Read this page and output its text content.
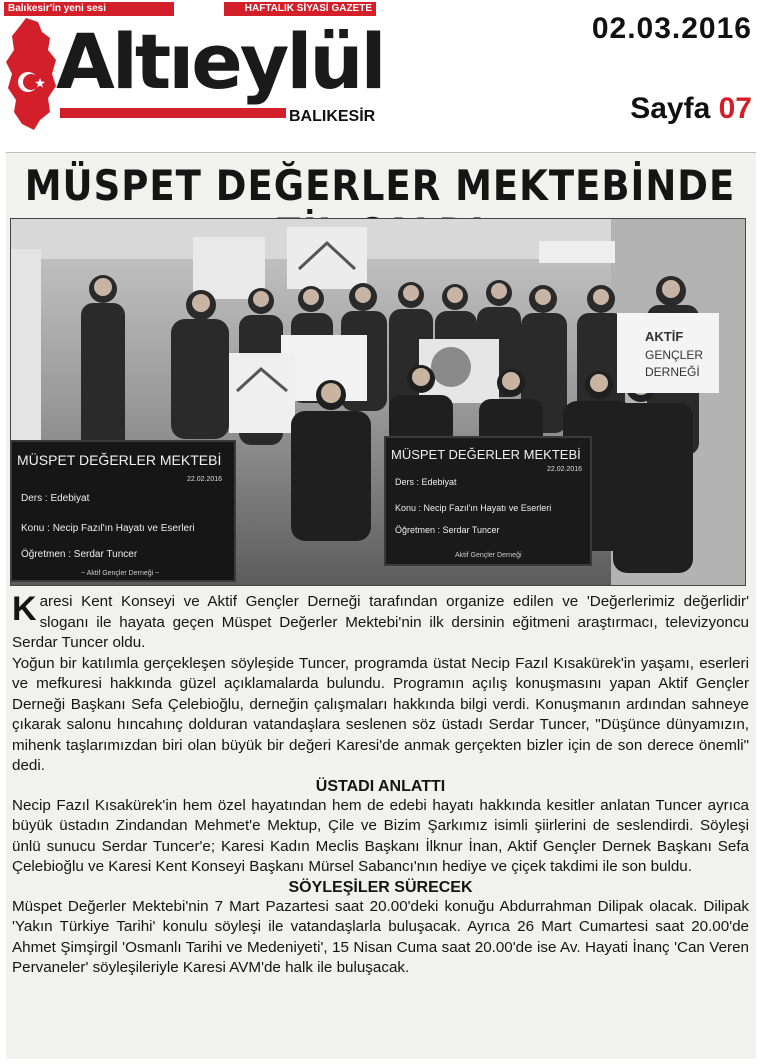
Balıkesir'in yeni sesi	HAFTALIK SİYASİ GAZETE
Altıeylül
BALIKESİR
02.03.2016
Sayfa 07
MÜSPET DEĞERLER MEKTEBİNDE
AKTİF
GENÇLER
DERNEĞİ
MÜSPET DEĞERLER MEKTEBİ
22.02.2016
Ders : Edebiyat
Konu : Necip Fazıl'ın Hayatı ve Eserleri
Öğretmen : Serdar Tuncer
~ Aktif Gençler Derneği ~
MÜSPET DEĞERLER MEKTEBİ
22.02.2016
Ders : Edebiyat
Konu : Necip Fazıl'ın Hayatı ve Eserleri
Öğretmen : Serdar Tuncer
Aktif Gençler Derneği

Karesi Kent Konseyi ve Aktif Gençler Derneği tarafından organize edilen ve 'Değerlerimiz değerlidir' sloganı ile hayata geçen Müspet Değerler Mektebi'nin ilk dersinin eğitmeni araştırmacı, televizyoncu Serdar Tuncer oldu.

Yoğun bir katılımla gerçekleşen söyleşide Tuncer, programda üstat Necip Fazıl Kısakürek'in yaşamı, eserleri ve mefkuresi hakkında güzel açıklamalarda bulundu. Programın açılış konuşmasını yapan Aktif Gençler Derneği Başkanı Sefa Çelebioğlu, derneğin çalışmaları hakkında bilgi verdi. Konuşmanın ardından sahneye çıkarak salonu hıncahınç dolduran vatandaşlara seslenen söz üstadı Serdar Tuncer, "Düşünce dünyamızın, mihenk taşlarımızdan biri olan büyük bir değeri Karesi'de anmak gerçekten bizler için de son derece önemli" dedi.

ÜSTADI ANLATTI

Necip Fazıl Kısakürek'in hem özel hayatından hem de edebi hayatı hakkında kesitler anlatan Tuncer ayrıca büyük üstadın Zindandan Mehmet'e Mektup, Çile ve Bizim Şarkımız isimli şiirlerini de seslendirdi. Söyleşi ünlü sunucu Serdar Tuncer'e; Karesi Kadın Meclis Başkanı İlknur İnan, Aktif Gençler Dernek Başkanı Sefa Çelebioğlu ve Karesi Kent Konseyi Başkanı Mürsel Sabancı'nın hediye ve çiçek takdimi ile son buldu.

SÖYLEŞİLER SÜRECEK

Müspet Değerler Mektebi'nin 7 Mart Pazartesi saat 20.00'deki konuğu Abdurrahman Dilipak olacak. Dilipak 'Yakın Türkiye Tarihi' konulu söyleşi ile vatandaşlarla buluşacak. Ayrıca 26 Mart Cumartesi saat 20.00'de Ahmet Şimşirgil 'Osmanlı Tarihi ve Medeniyeti', 15 Nisan Cuma saat 20.00'de ise Av. Hayati İnanç 'Can Veren Pervaneler' söyleşileriyle Karesi AVM'de halk ile buluşacak.
